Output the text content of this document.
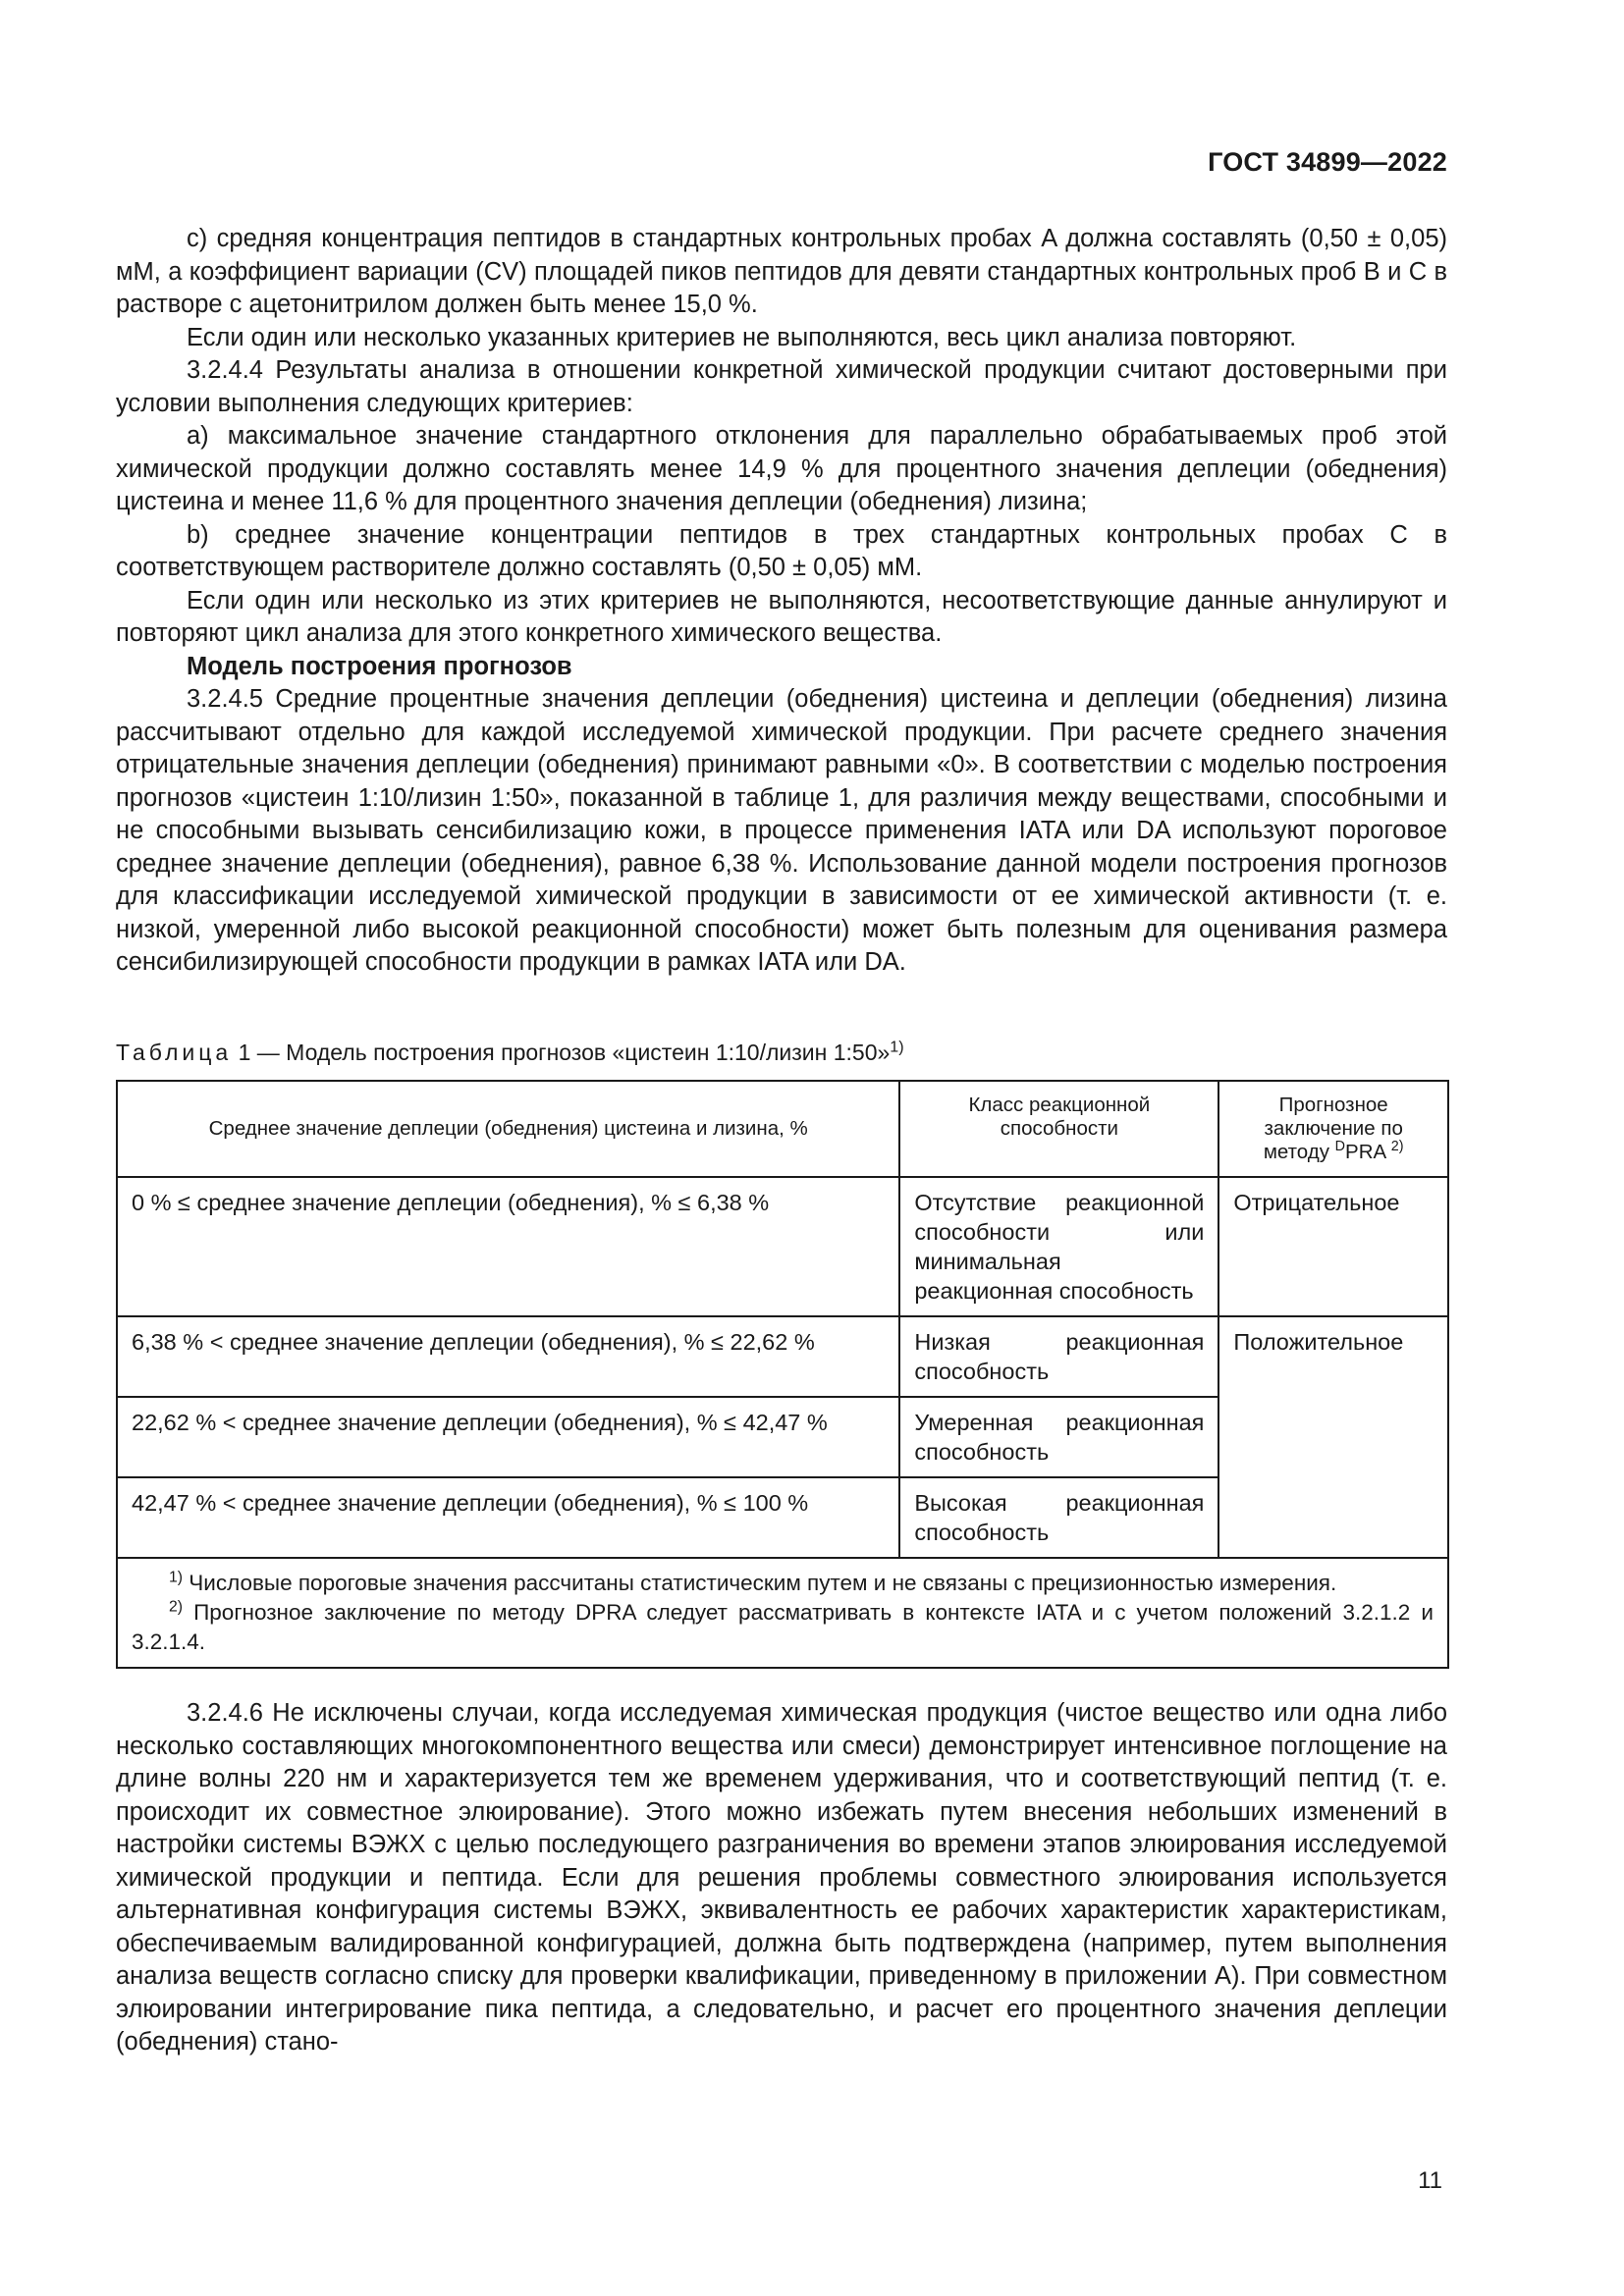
ГОСТ 34899—2022

c) средняя концентрация пептидов в стандартных контрольных пробах A должна составлять (0,50 ± 0,05) мМ, а коэффициент вариации (CV) площадей пиков пептидов для девяти стандартных контрольных проб B и C в растворе с ацетонитрилом должен быть менее 15,0 %.

Если один или несколько указанных критериев не выполняются, весь цикл анализа повторяют.

3.2.4.4 Результаты анализа в отношении конкретной химической продукции считают достоверными при условии выполнения следующих критериев:

a) максимальное значение стандартного отклонения для параллельно обрабатываемых проб этой химической продукции должно составлять менее 14,9 % для процентного значения деплеции (обеднения) цистеина и менее 11,6 % для процентного значения деплеции (обеднения) лизина;

b) среднее значение концентрации пептидов в трех стандартных контрольных пробах C в соответствующем растворителе должно составлять (0,50 ± 0,05) мМ.

Если один или несколько из этих критериев не выполняются, несоответствующие данные аннулируют и повторяют цикл анализа для этого конкретного химического вещества.

Модель построения прогнозов

3.2.4.5 Средние процентные значения деплеции (обеднения) цистеина и деплеции (обеднения) лизина рассчитывают отдельно для каждой исследуемой химической продукции. При расчете среднего значения отрицательные значения деплеции (обеднения) принимают равными «0». В соответствии с моделью построения прогнозов «цистеин 1:10/лизин 1:50», показанной в таблице 1, для различия между веществами, способными и не способными вызывать сенсибилизацию кожи, в процессе применения IATA или DA используют пороговое среднее значение деплеции (обеднения), равное 6,38 %. Использование данной модели построения прогнозов для классификации исследуемой химической продукции в зависимости от ее химической активности (т. е. низкой, умеренной либо высокой реакционной способности) может быть полезным для оценивания размера сенсибилизирующей способности продукции в рамках IATA или DA.

Таблица 1 — Модель построения прогнозов «цистеин 1:10/лизин 1:50»$^{1)}$
Среднее значение деплеции (обеднения) цистеина и лизина, %	Класс реакционной способности	Прогнозное заключение по методу $^D$PRA $^{2)}$
0 % ≤ среднее значение деплеции (обеднения), % ≤ 6,38 %	Отсутствие реакционной способности или минимальная реакционная способность	Отрицательное
6,38 % < среднее значение деплеции (обеднения), % ≤ 22,62 %	Низкая реакционная способность	Положительное
22,62 % < среднее значение деплеции (обеднения), % ≤ 42,47 %	Умеренная реакционная способность	
42,47 % < среднее значение деплеции (обеднения), % ≤ 100 %	Высокая реакционная способность	

$^{1)}$ Числовые пороговые значения рассчитаны статистическим путем и не связаны с прецизионностью измерения.

$^{2)}$ Прогнозное заключение по методу DPRA следует рассматривать в контексте IATA и с учетом положений 3.2.1.2 и 3.2.1.4.		

3.2.4.6 Не исключены случаи, когда исследуемая химическая продукция (чистое вещество или одна либо несколько составляющих многокомпонентного вещества или смеси) демонстрирует интенсивное поглощение на длине волны 220 нм и характеризуется тем же временем удерживания, что и соответствующий пептид (т. е. происходит их совместное элюирование). Этого можно избежать путем внесения небольших изменений в настройки системы ВЭЖХ с целью последующего разграничения во времени этапов элюирования исследуемой химической продукции и пептида. Если для решения проблемы совместного элюирования используется альтернативная конфигурация системы ВЭЖХ, эквивалентность ее рабочих характеристик характеристикам, обеспечиваемым валидированной конфигурацией, должна быть подтверждена (например, путем выполнения анализа веществ согласно списку для проверки квалификации, приведенному в приложении A). При совместном элюировании интегрирование пика пептида, а следовательно, и расчет его процентного значения деплеции (обеднения) стано-

11
